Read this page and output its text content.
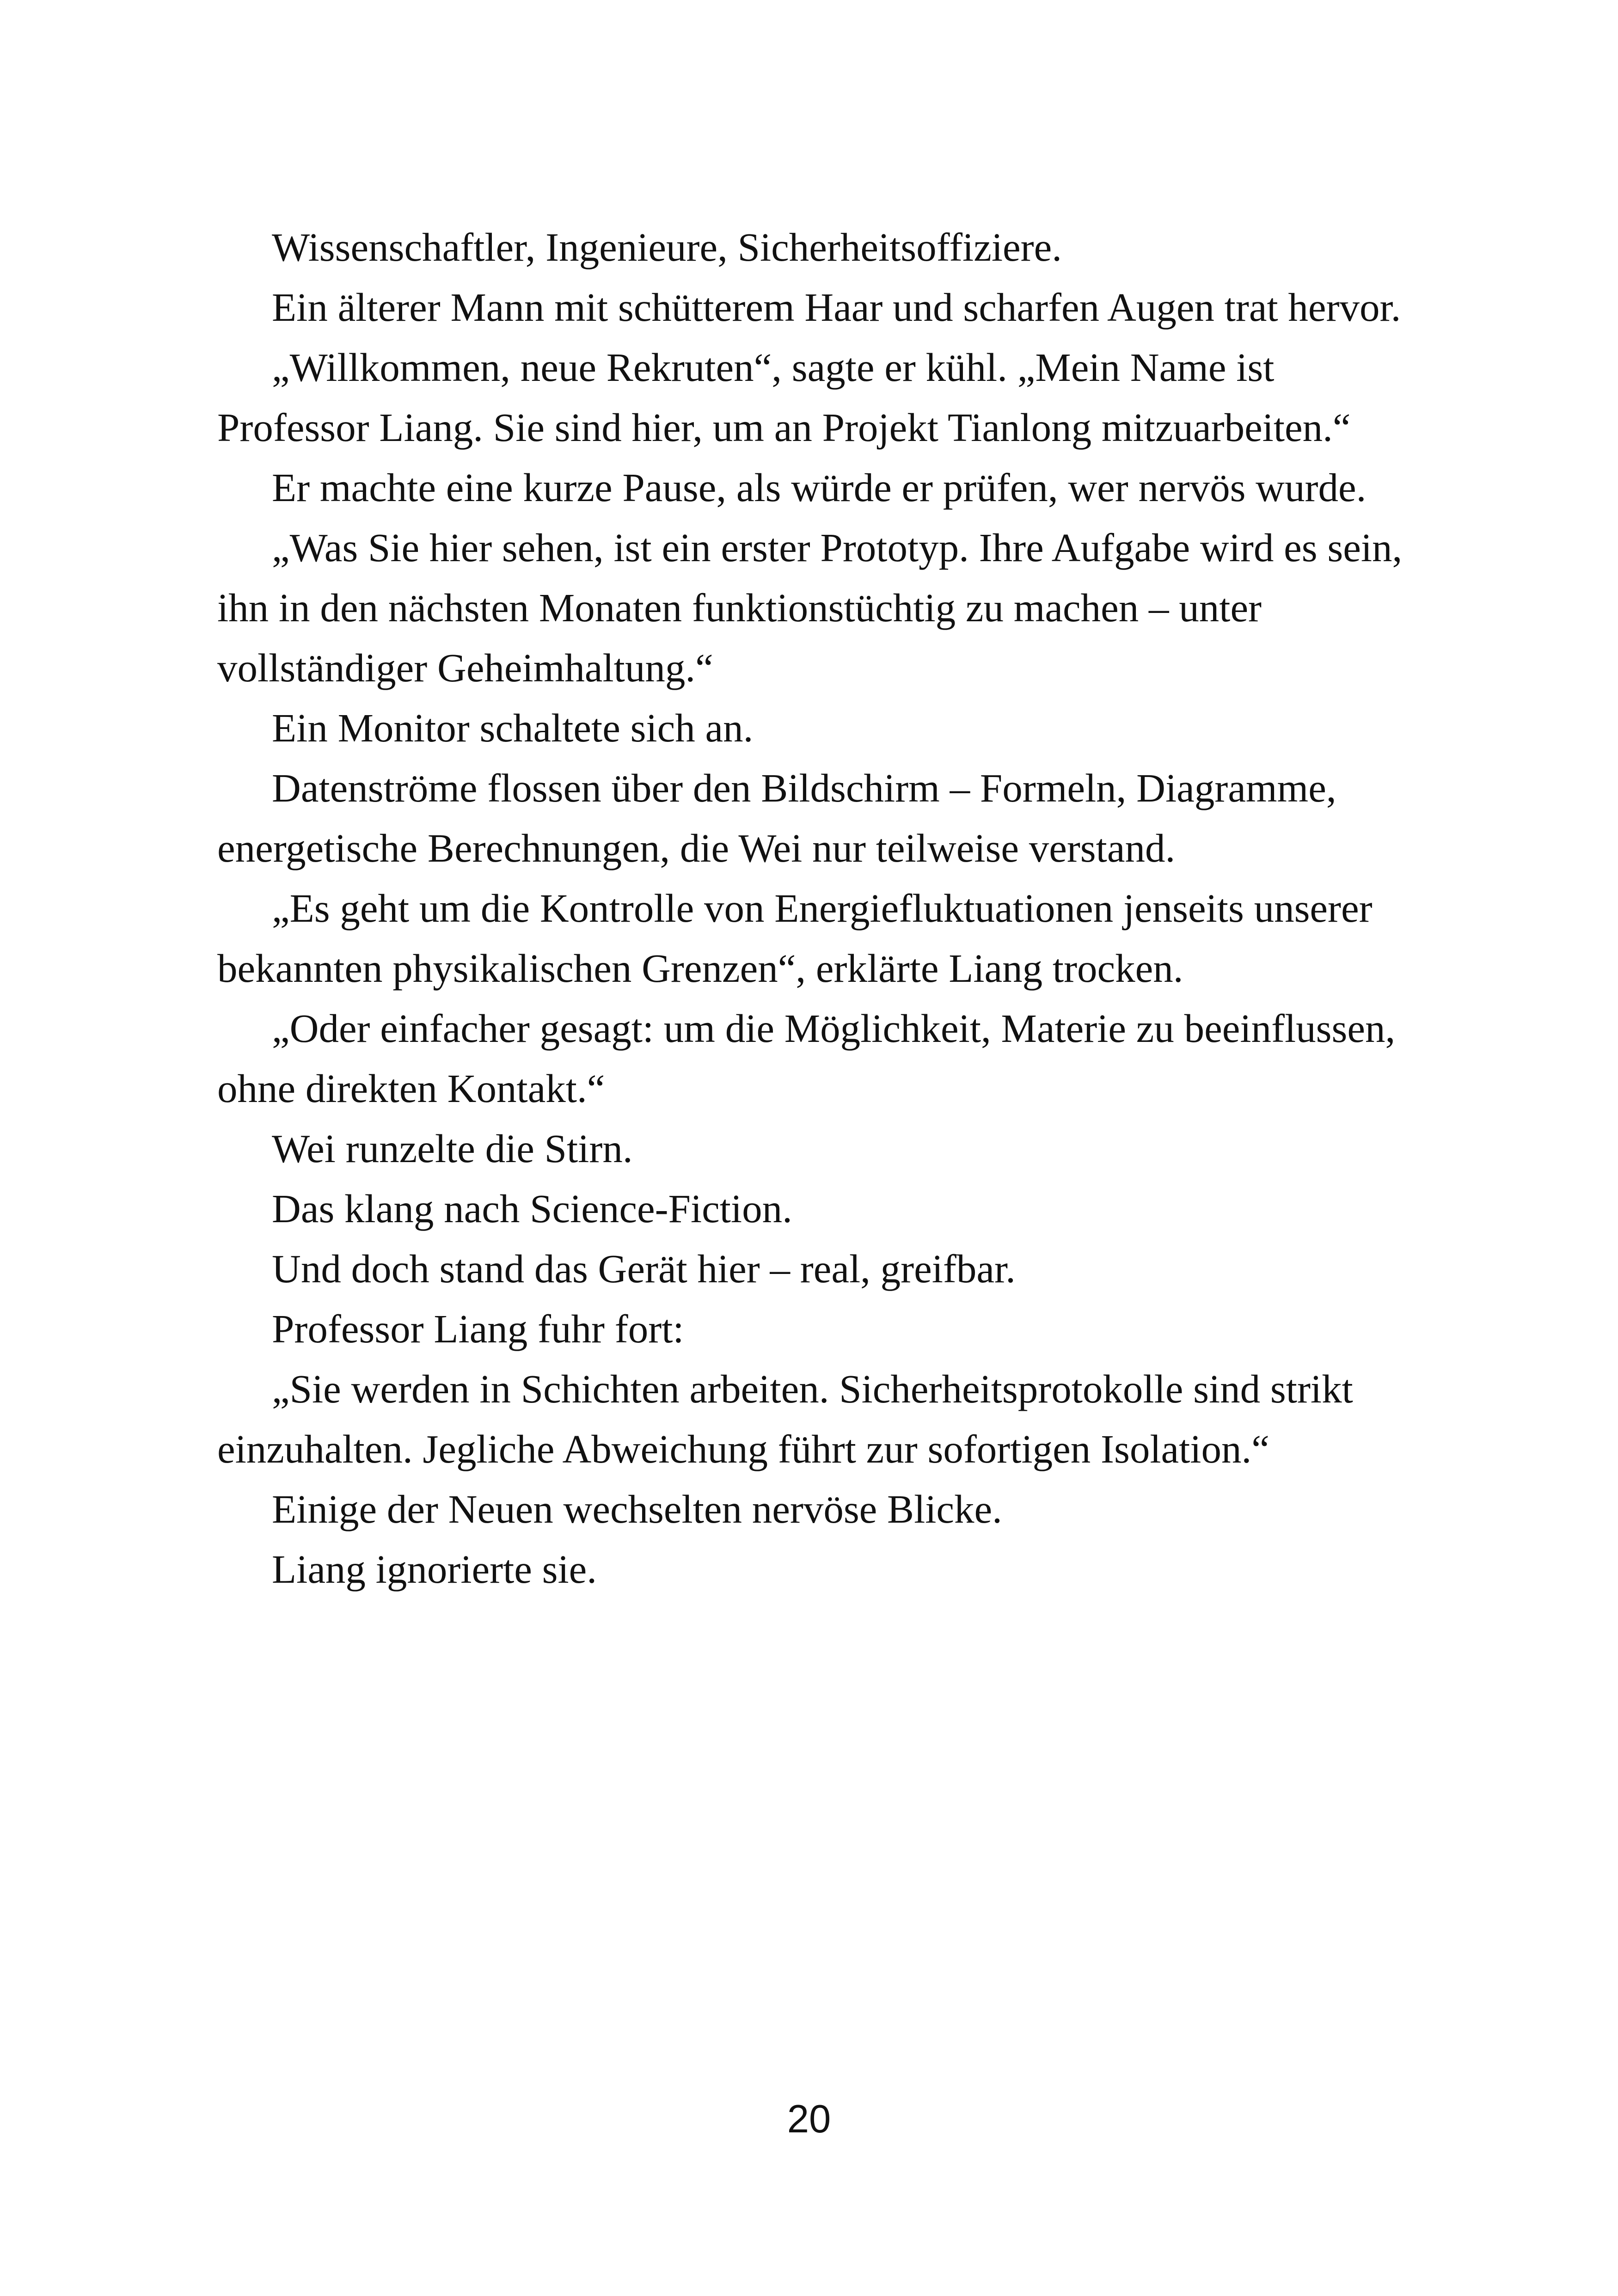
Wissenschaftler, Ingenieure, Sicherheitsoffiziere.

Ein älterer Mann mit schütterem Haar und scharfen Augen trat hervor.

„Willkommen, neue Rekruten“, sagte er kühl. „Mein Name ist Professor Liang. Sie sind hier, um an Projekt Tianlong mitzuarbeiten.“

Er machte eine kurze Pause, als würde er prüfen, wer nervös wurde.

„Was Sie hier sehen, ist ein erster Prototyp. Ihre Aufgabe wird es sein, ihn in den nächsten Monaten funktionstüchtig zu machen – unter vollständiger Geheimhaltung.“

Ein Monitor schaltete sich an.

Datenströme flossen über den Bildschirm – Formeln, Diagramme, energetische Berechnungen, die Wei nur teilweise verstand.

„Es geht um die Kontrolle von Energiefluktuationen jenseits unserer bekannten physikalischen Grenzen“, erklärte Liang trocken.

„Oder einfacher gesagt: um die Möglichkeit, Materie zu beeinflussen, ohne direkten Kontakt.“

Wei runzelte die Stirn.

Das klang nach Science-Fiction.

Und doch stand das Gerät hier – real, greifbar.

Professor Liang fuhr fort:

„Sie werden in Schichten arbeiten. Sicherheitsprotokolle sind strikt einzuhalten. Jegliche Abweichung führt zur sofortigen Isolation.“

Einige der Neuen wechselten nervöse Blicke.

Liang ignorierte sie.

20
